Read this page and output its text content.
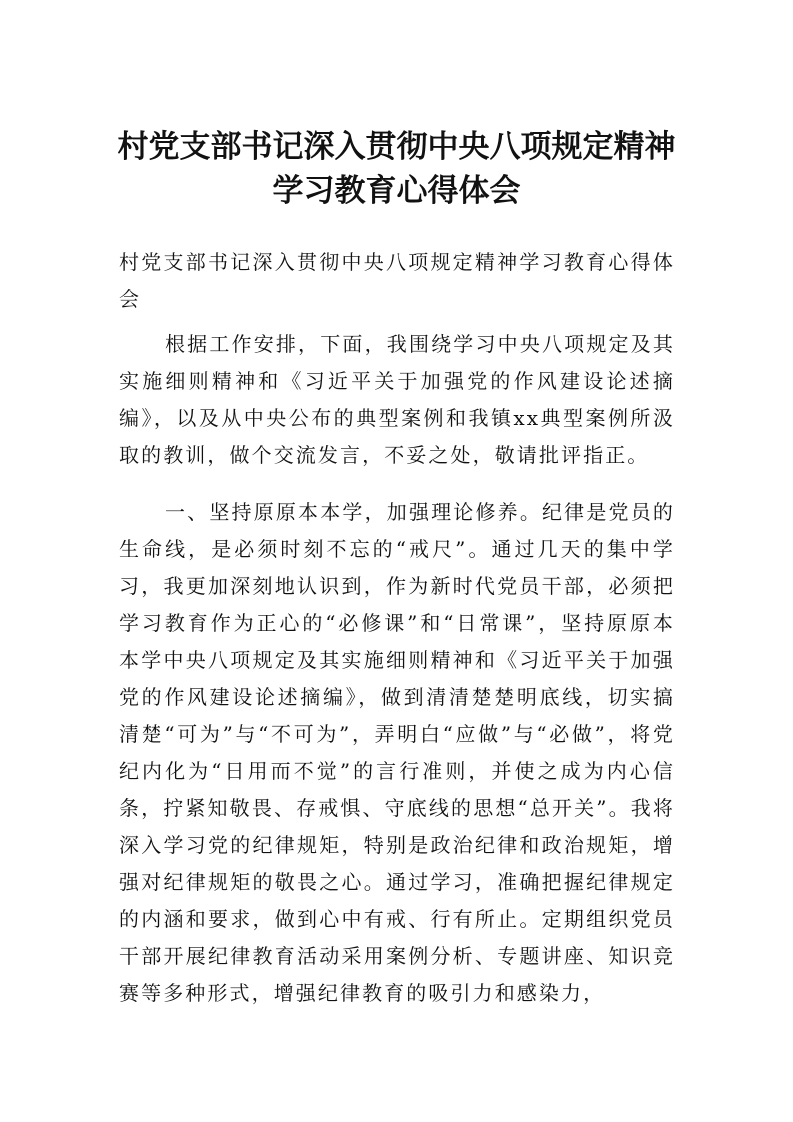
村党支部书记深入贯彻中央八项规定精神
学习教育心得体会

村党支部书记深入贯彻中央八项规定精神学习教育心得体会

根据工作安排，下面，我围绕学习中央八项规定及其实施细则精神和《习近平关于加强党的作风建设论述摘编》，以及从中央公布的典型案例和我镇xx典型案例所汲取的教训，做个交流发言，不妥之处，敬请批评指正。

一、坚持原原本本学，加强理论修养。纪律是党员的生命线，是必须时刻不忘的“戒尺”。通过几天的集中学习，我更加深刻地认识到，作为新时代党员干部，必须把学习教育作为正心的“必修课”和“日常课”，坚持原原本本学中央八项规定及其实施细则精神和《习近平关于加强党的作风建设论述摘编》，做到清清楚楚明底线，切实搞清楚“可为”与“不可为”，弄明白“应做”与“必做”，将党纪内化为“日用而不觉”的言行准则，并使之成为内心信条，拧紧知敬畏、存戒惧、守底线的思想“总开关”。我将深入学习党的纪律规矩，特别是政治纪律和政治规矩，增强对纪律规矩的敬畏之心。通过学习，准确把握纪律规定的内涵和要求，做到心中有戒、行有所止。定期组织党员干部开展纪律教育活动采用案例分析、专题讲座、知识竞赛等多种形式，增强纪律教育的吸引力和感染力，
